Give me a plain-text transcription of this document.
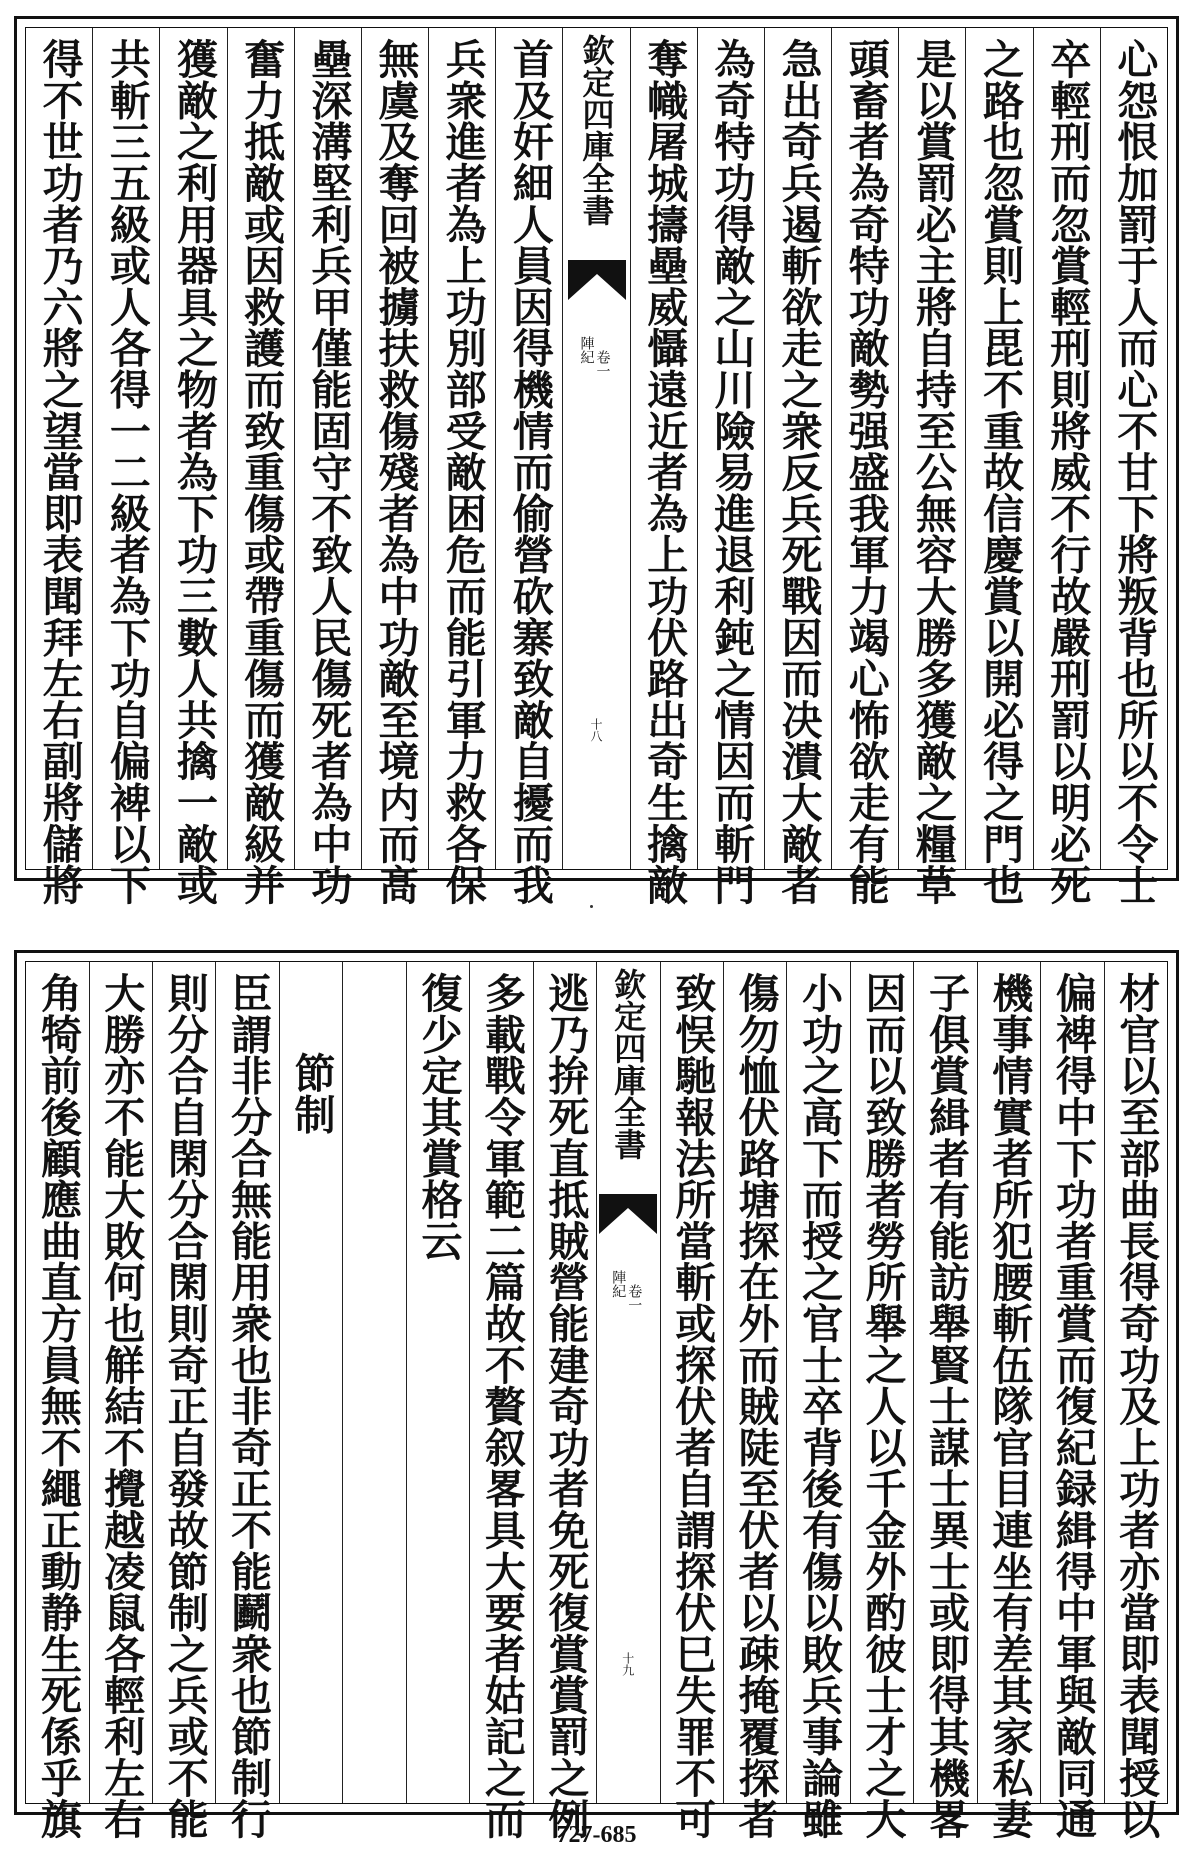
心怨恨加罰于人而心不甘下將叛背也所以不令士
卒輕刑而忽賞輕刑則將威不行故嚴刑罰以明必死
之路也忽賞則上毘不重故信慶賞以開必得之門也
是以賞罰必主將自持至公無容大勝多獲敵之糧草
頭畜者為奇特功敵勢强盛我軍力竭心怖欲走有能
急出奇兵遏斬欲走之衆反兵死戰因而决潰大敵者
為奇特功得敵之山川險易進退利鈍之情因而斬門
奪幟屠城擣壘威懾遠近者為上功伏路出奇生擒敵
欽定四庫全書
陣紀 卷一
十八
首及奸細人員因得機情而偷營砍寨致敵自擾而我
兵衆進者為上功別部受敵困危而能引軍力救各保
無虞及奪回被擄扶救傷殘者為中功敵至境内而髙
壘深溝堅利兵甲僅能固守不致人民傷死者為中功
奮力抵敵或因救護而致重傷或帶重傷而獲敵級并
獲敵之利用器具之物者為下功三數人共擒一敵或
共斬三五級或人各得一二級者為下功自偏裨以下
得不世功者乃六將之望當即表聞拜左右副將儲將
材官以至部曲長得奇功及上功者亦當即表聞授以
偏裨得中下功者重賞而復紀録緝得中軍與敵同通
機事情實者所犯腰斬伍隊官目連坐有差其家私妻
子俱賞緝者有能訪舉賢士謀士異士或即得其機畧
因而以致勝者勞所舉之人以千金外酌彼士才之大
小功之高下而授之官士卒背後有傷以敗兵事論雖
傷勿恤伏路塘探在外而賊陡至伏者以疎掩覆探者
致悮馳報法所當斬或探伏者自謂探伏巳失罪不可
欽定四庫全書
陣紀 卷一
十九
逃乃拚死直抵賊營能建奇功者免死復賞賞罰之例
多載戰令軍範二篇故不贅叙畧具大要者姑記之而
復少定其賞格云
節制
臣謂非分合無能用衆也非奇正不能鬬衆也節制行
則分合自閑分合閑則奇正自發故節制之兵或不能
大勝亦不能大敗何也觧結不攪越凌鼠各輕利左右
角犄前後顧應曲直方員無不繩正動静生死係乎旗	727-685
